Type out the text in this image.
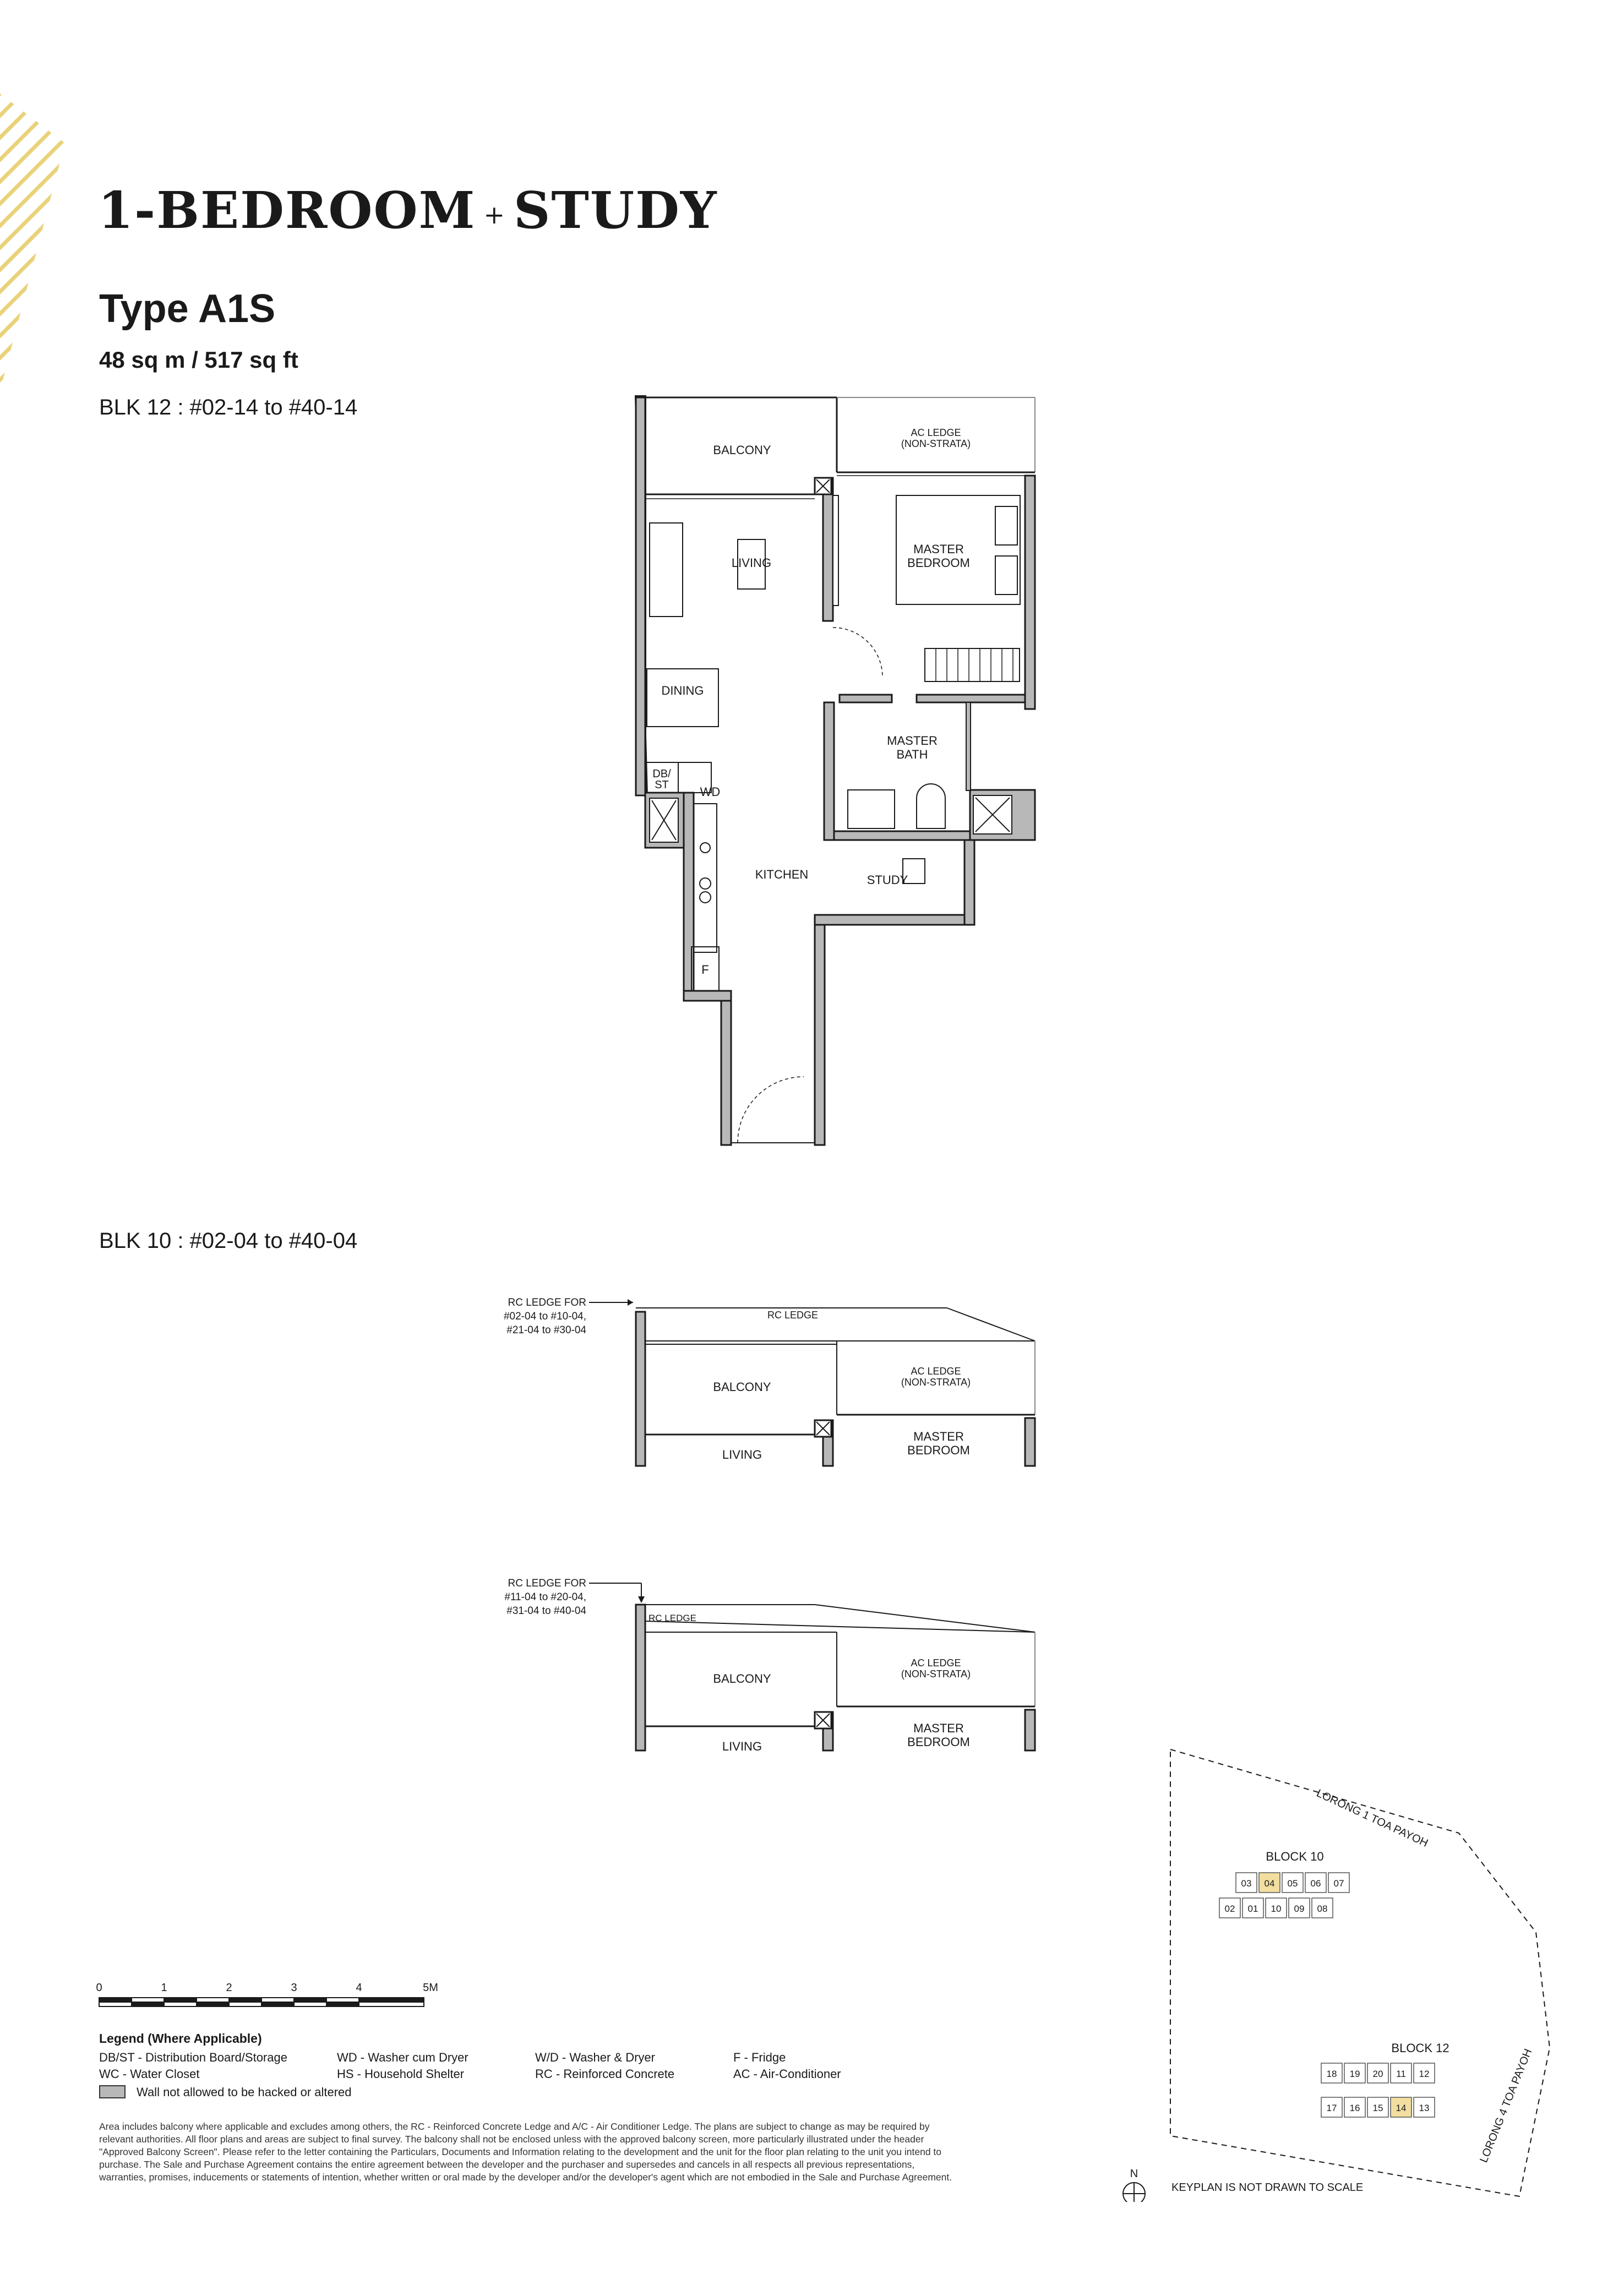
1-BEDROOM + STUDY
Type A1S
48 sq m / 517 sq ft
BLK 12 : #02-14 to #40-14
BLK 10 : #02-04 to #40-04
BALCONY
AC LEDGE
(NON-STRATA)
LIVING
MASTER
BEDROOM
DINING
MASTER
BATH
DB/
ST	WD
KITCHEN	STUDY
F
RC LEDGE FOR
#02-04 to #10-04,
#21-04 to #30-04
RC LEDGE
BALCONY
AC LEDGE
(NON-STRATA)
MASTER
BEDROOM
LIVING
RC LEDGE FOR
#11-04 to #20-04,
#31-04 to #40-04
RC LEDGE
BALCONY
AC LEDGE
(NON-STRATA)
MASTER
BEDROOM
LIVING
0	1	2	3	4	5M
Legend (Where Applicable)
DB/ST - Distribution Board/Storage
WC - Water Closet
WD - Washer cum Dryer
HS - Household Shelter
W/D - Washer & Dryer
RC - Reinforced Concrete
F - Fridge
AC - Air-Conditioner
Wall not allowed to be hacked or altered
Area includes balcony where applicable and excludes among others, the RC - Reinforced Concrete Ledge and A/C - Air Conditioner Ledge. The plans are subject to change as may be required by relevant authorities. All floor plans and areas are subject to final survey. The balcony shall not be enclosed unless with the approved balcony screen, more particularly illustrated under the header "Approved Balcony Screen". Please refer to the letter containing the Particulars, Documents and Information relating to the development and the unit for the floor plan relating to the unit you intend to purchase. The Sale and Purchase Agreement contains the entire agreement between the developer and the purchaser and supersedes and cancels in all respects all previous representations, warranties, promises, inducements or statements of intention, whether written or oral made by the developer and/or the developer's agent which are not embodied in the Sale and Purchase Agreement.
LORONG 1 TOA PAYOH
LORONG 4 TOA PAYOH
BLOCK 10
BLOCK 12
03 04 05 06 07
02 01 10 09 08
18 19 20 11 12
17 16 15 14 13
N
KEYPLAN IS NOT DRAWN TO SCALE
